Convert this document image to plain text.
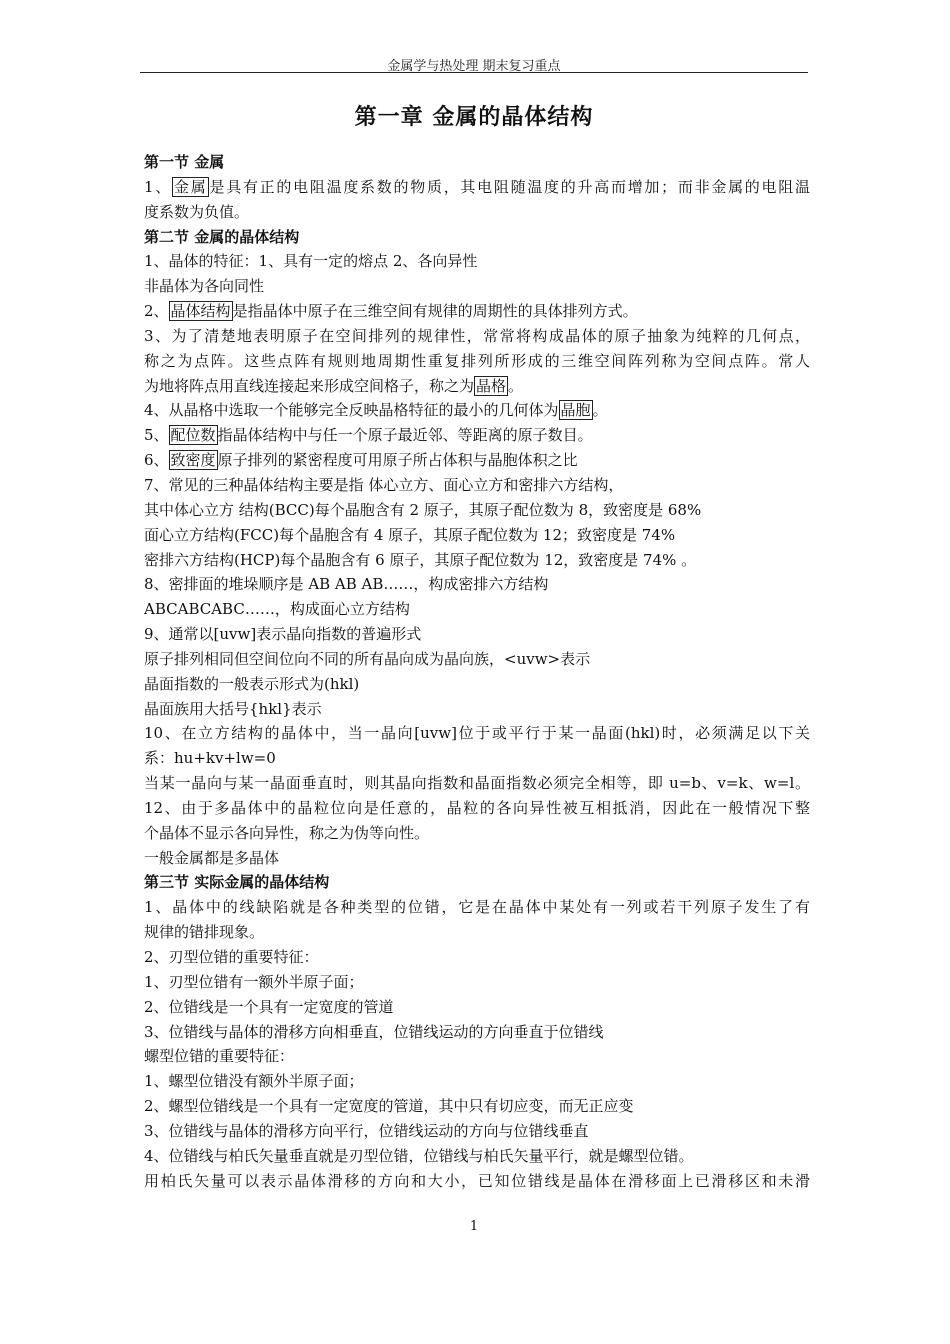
金属学与热处理 期末复习重点
第一章 金属的晶体结构
第一节 金属
1、 金属 是具有正的电阻温度系数的物质，其电阻随温度的升高而增加；而非金属的电阻温
度系数为负值。
第二节 金属的晶体结构
1、晶体的特征：1、具有一定的熔点 2、各向异性
非晶体为各向同性
2、 晶体结构 是指晶体中原子在三维空间有规律的周期性的具体排列方式。
3、为了清楚地表明原子在空间排列的规律性，常常将构成晶体的原子抽象为纯粹的几何点，
称之为点阵。这些点阵有规则地周期性重复排列所形成的三维空间阵列称为空间点阵。常人
为地将阵点用直线连接起来形成空间格子，称之为 晶格 。
4、从晶格中选取一个能够完全反映晶格特征的最小的几何体为 晶胞 。
5、 配位数 指晶体结构中与任一个原子最近邻、等距离的原子数目。
6、 致密度 原子排列的紧密程度可用原子所占体积与晶胞体积之比
7、常见的三种晶体结构主要是指 体心立方、面心立方和密排六方结构，
其中体心立方 结构(BCC)每个晶胞含有 2 原子，其原子配位数为 8，致密度是 68%
面心立方结构(FCC)每个晶胞含有 4 原子，其原子配位数为 12；致密度是 74%
密排六方结构(HCP)每个晶胞含有 6 原子，其原子配位数为 12，致密度是 74% 。
8、密排面的堆垛顺序是 AB AB AB……，构成密排六方结构
ABCABCABC……，构成面心立方结构
9、通常以[uvw]表示晶向指数的普遍形式
原子排列相同但空间位向不同的所有晶向成为晶向族，<uvw>表示
晶面指数的一般表示形式为(hkl)
晶面族用大括号{hkl}表示
10、在立方结构的晶体中，当一晶向[uvw]位于或平行于某一晶面(hkl)时，必须满足以下关
系：hu+kv+lw=0
当某一晶向与某一晶面垂直时，则其晶向指数和晶面指数必须完全相等，即 u=b、v=k、w=l。
12、由于多晶体中的晶粒位向是任意的，晶粒的各向异性被互相抵消，因此在一般情况下整
个晶体不显示各向异性，称之为伪等向性。
一般金属都是多晶体
第三节 实际金属的晶体结构
1、晶体中的线缺陷就是各种类型的位错，它是在晶体中某处有一列或若干列原子发生了有
规律的错排现象。
2、刃型位错的重要特征：
1、刃型位错有一额外半原子面；
2、位错线是一个具有一定宽度的管道
3、位错线与晶体的滑移方向相垂直，位错线运动的方向垂直于位错线
螺型位错的重要特征：
1、螺型位错没有额外半原子面；
2、螺型位错线是一个具有一定宽度的管道，其中只有切应变，而无正应变
3、位错线与晶体的滑移方向平行，位错线运动的方向与位错线垂直
4、位错线与柏氏矢量垂直就是刃型位错，位错线与柏氏矢量平行，就是螺型位错。
用柏氏矢量可以表示晶体滑移的方向和大小，已知位错线是晶体在滑移面上已滑移区和未滑
1
